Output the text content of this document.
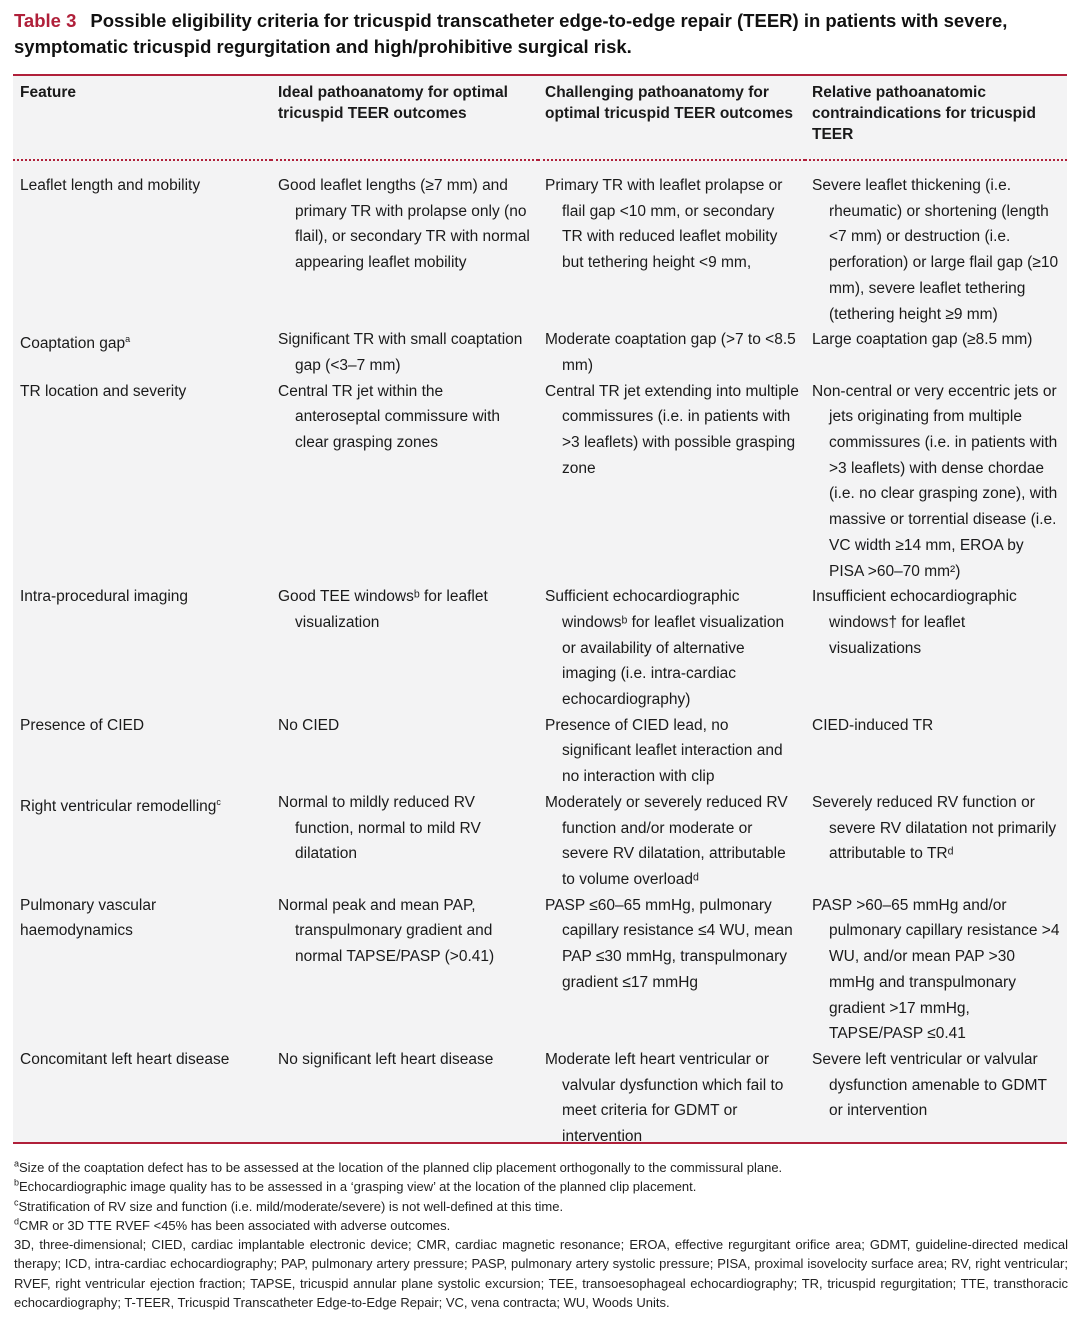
Table 3 Possible eligibility criteria for tricuspid transcatheter edge-to-edge repair (TEER) in patients with severe, symptomatic tricuspid regurgitation and high/prohibitive surgical risk.
Feature	Ideal pathoanatomy for optimal tricuspid TEER outcomes	Challenging pathoanatomy for optimal tricuspid TEER outcomes	Relative pathoanatomic contraindications for tricuspid TEER
Leaflet length and mobility	Good leaflet lengths (≥7 mm) and primary TR with prolapse only (no flail), or secondary TR with normal appearing leaflet mobility	Primary TR with leaflet prolapse or flail gap <10 mm, or secondary TR with reduced leaflet mobility but tethering height <9 mm,	Severe leaflet thickening (i.e. rheumatic) or shortening (length <7 mm) or destruction (i.e. perforation) or large flail gap (≥10 mm), severe leaflet tethering (tethering height ≥9 mm)
Coaptation gap$^a$	Significant TR with small coaptation gap (<3–7 mm)	Moderate coaptation gap (>7 to <8.5 mm)	Large coaptation gap (≥8.5 mm)
TR location and severity	Central TR jet within the anteroseptal commissure with clear grasping zones	Central TR jet extending into multiple commissures (i.e. in patients with >3 leaflets) with possible grasping zone	Non-central or very eccentric jets or jets originating from multiple commissures (i.e. in patients with >3 leaflets) with dense chordae (i.e. no clear grasping zone), with massive or torrential disease (i.e. VC width ≥14 mm, EROA by PISA >60–70 mm²)
Intra-procedural imaging	Good TEE windowsᵇ for leaflet visualization	Sufficient echocardiographic windowsᵇ for leaflet visualization or availability of alternative imaging (i.e. intra-cardiac echocardiography)	Insufficient echocardiographic windows† for leaflet visualizations
Presence of CIED	No CIED	Presence of CIED lead, no significant leaflet interaction and no interaction with clip	CIED-induced TR
Right ventricular remodelling$^c$	Normal to mildly reduced RV function, normal to mild RV dilatation	Moderately or severely reduced RV function and/or moderate or severe RV dilatation, attributable to volume overloadᵈ	Severely reduced RV function or severe RV dilatation not primarily attributable to TRᵈ
Pulmonary vascular haemodynamics	Normal peak and mean PAP, transpulmonary gradient and normal TAPSE/PASP (>0.41)	PASP ≤60–65 mmHg, pulmonary capillary resistance ≤4 WU, mean PAP ≤30 mmHg, transpulmonary gradient ≤17 mmHg	PASP >60–65 mmHg and/or pulmonary capillary resistance >4 WU, and/or mean PAP >30 mmHg and transpulmonary gradient >17 mmHg, TAPSE/PASP ≤0.41
Concomitant left heart disease	No significant left heart disease	Moderate left heart ventricular or valvular dysfunction which fail to meet criteria for GDMT or intervention	Severe left ventricular or valvular dysfunction amenable to GDMT or intervention

$^a$Size of the coaptation defect has to be assessed at the location of the planned clip placement orthogonally to the commissural plane.

$^b$Echocardiographic image quality has to be assessed in a ‘grasping view’ at the location of the planned clip placement.

$^c$Stratification of RV size and function (i.e. mild/moderate/severe) is not well-defined at this time.

$^d$CMR or 3D TTE RVEF <45% has been associated with adverse outcomes.

3D, three-dimensional; CIED, cardiac implantable electronic device; CMR, cardiac magnetic resonance; EROA, effective regurgitant orifice area; GDMT, guideline-directed medical therapy; ICD, intra-cardiac echocardiography; PAP, pulmonary artery pressure; PASP, pulmonary artery systolic pressure; PISA, proximal isovelocity surface area; RV, right ventricular; RVEF, right ventricular ejection fraction; TAPSE, tricuspid annular plane systolic excursion; TEE, transoesophageal echocardiography; TR, tricuspid regurgitation; TTE, transthoracic echocardiography; T-TEER, Tricuspid Transcatheter Edge-to-Edge Repair; VC, vena contracta; WU, Woods Units.
